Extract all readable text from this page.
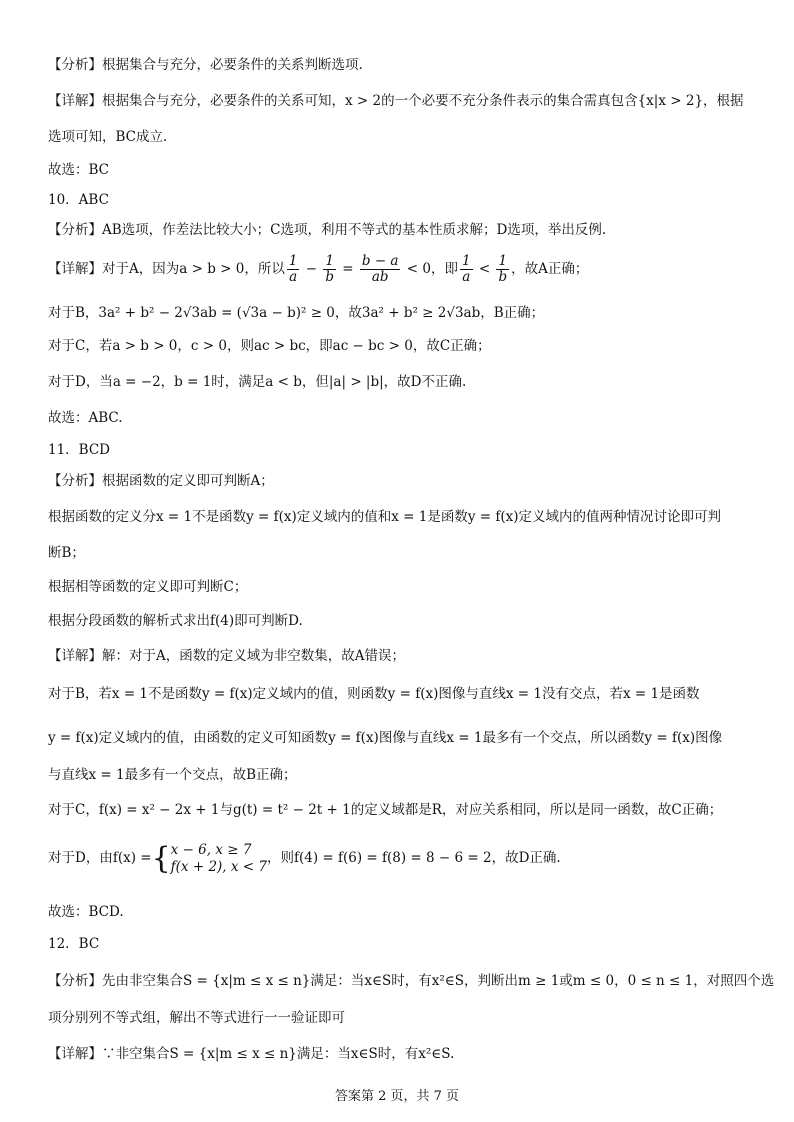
【分析】根据集合与充分，必要条件的关系判断选项.
【详解】根据集合与充分，必要条件的关系可知，x > 2的一个必要不充分条件表示的集合需真包含{x|x > 2}，根据
选项可知，BC成立.
故选：BC
10．ABC
【分析】AB选项，作差法比较大小；C选项，利用不等式的基本性质求解；D选项，举出反例.
【详解】对于A，因为a > b > 0，所以 $\frac{1}{a} - \frac{1}{b} = \frac{b - a}{ab} < 0$，即 $\frac{1}{a} < \frac{1}{b}$ ，故A正确；
对于B，3a² + b² − 2√3ab = (√3a − b)² ≥ 0，故3a² + b² ≥ 2√3ab，B正确；
对于C，若a > b > 0，c > 0，则ac > bc，即ac − bc > 0，故C正确；
对于D，当a = −2，b = 1时，满足a < b，但|a| > |b|，故D不正确.
故选：ABC.
11．BCD
【分析】根据函数的定义即可判断A；
根据函数的定义分x = 1不是函数y = f(x)定义域内的值和x = 1是函数y = f(x)定义域内的值两种情况讨论即可判
断B；
根据相等函数的定义即可判断C；
根据分段函数的解析式求出f(4)即可判断D.
【详解】解：对于A，函数的定义域为非空数集，故A错误；
对于B，若x = 1不是函数y = f(x)定义域内的值，则函数y = f(x)图像与直线x = 1没有交点，若x = 1是函数
y = f(x)定义域内的值，由函数的定义可知函数y = f(x)图像与直线x = 1最多有一个交点，所以函数y = f(x)图像
与直线x = 1最多有一个交点，故B正确；
对于C，f(x) = x² − 2x + 1与g(t) = t² − 2t + 1的定义域都是R，对应关系相同，所以是同一函数，故C正确；
对于D，由f(x) ={ x − 6, x ≥ 7
f(x + 2), x < 7
，则f(4) = f(6) = f(8) = 8 − 6 = 2，故D正确.
故选：BCD.
12．BC
【分析】先由非空集合S = {x|m ≤ x ≤ n}满足：当x∈S时，有x²∈S，判断出m ≥ 1或m ≤ 0，0 ≤ n ≤ 1，对照四个选
项分别列不等式组，解出不等式进行一一验证即可
【详解】∵非空集合S = {x|m ≤ x ≤ n}满足：当x∈S时，有x²∈S.
答案第 2 页，共 7 页
